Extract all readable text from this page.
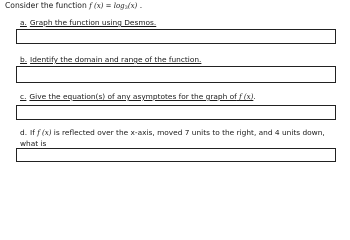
Consider the function f $(x) = \log_3(x)$ .
a. Graph the function using Desmos.
b. Identify the domain and range of the function.
c. Give the equation(s) of any asymptotes for the graph of f (x).
d. If f (x) is reflected over the x-axis, moved 7 units to the right, and 4 units down, what is
